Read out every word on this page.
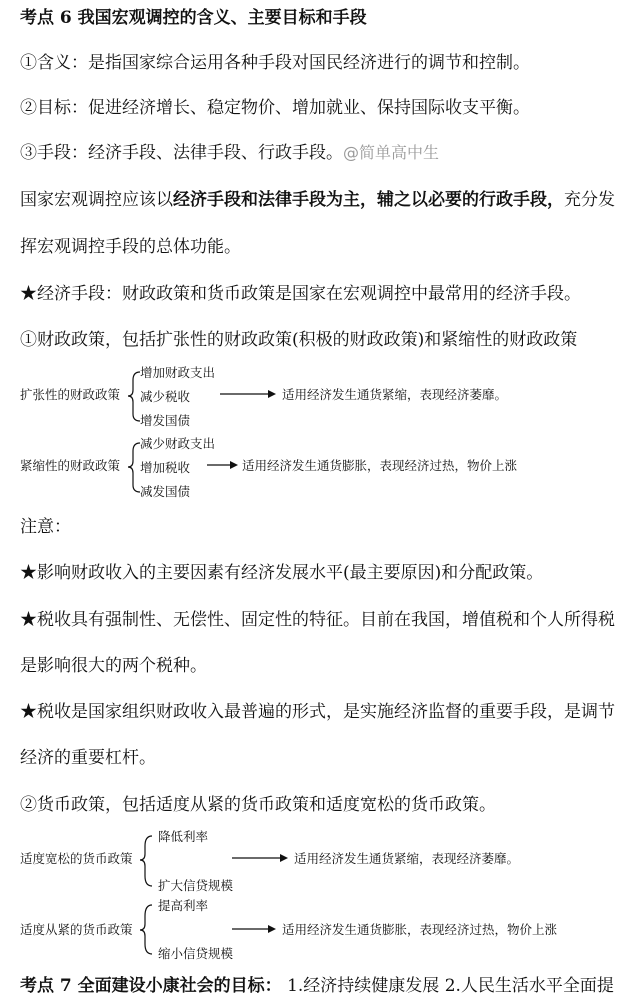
考点 6 我国宏观调控的含义、主要目标和手段
①含义：是指国家综合运用各种手段对国民经济进行的调节和控制。
②目标：促进经济增长、稳定物价、增加就业、保持国际收支平衡。
③手段：经济手段、法律手段、行政手段。@简单高中生
国家宏观调控应该以经济手段和法律手段为主，辅之以必要的行政手段，充分发
挥宏观调控手段的总体功能。
★经济手段：财政政策和货币政策是国家在宏观调控中最常用的经济手段。
①财政政策，包括扩张性的财政政策(积极的财政政策)和紧缩性的财政政策
扩张性的财政政策
增加财政支出
减少税收
增发国债
适用经济发生通货紧缩，表现经济萎靡。
紧缩性的财政政策
减少财政支出
增加税收
减发国债
适用经济发生通货膨胀，表现经济过热，物价上涨
注意：
★影响财政收入的主要因素有经济发展水平(最主要原因)和分配政策。
★税收具有强制性、无偿性、固定性的特征。目前在我国，增值税和个人所得税
是影响很大的两个税种。
★税收是国家组织财政收入最普遍的形式，是实施经济监督的重要手段，是调节
经济的重要杠杆。
②货币政策，包括适度从紧的货币政策和适度宽松的货币政策。
适度宽松的货币政策
降低利率
扩大信贷规模
适用经济发生通货紧缩，表现经济萎靡。
适度从紧的货币政策
提高利率
缩小信贷规模
适用经济发生通货膨胀，表现经济过热，物价上涨
考点 7 全面建设小康社会的目标： 1.经济持续健康发展 2.人民生活水平全面提
